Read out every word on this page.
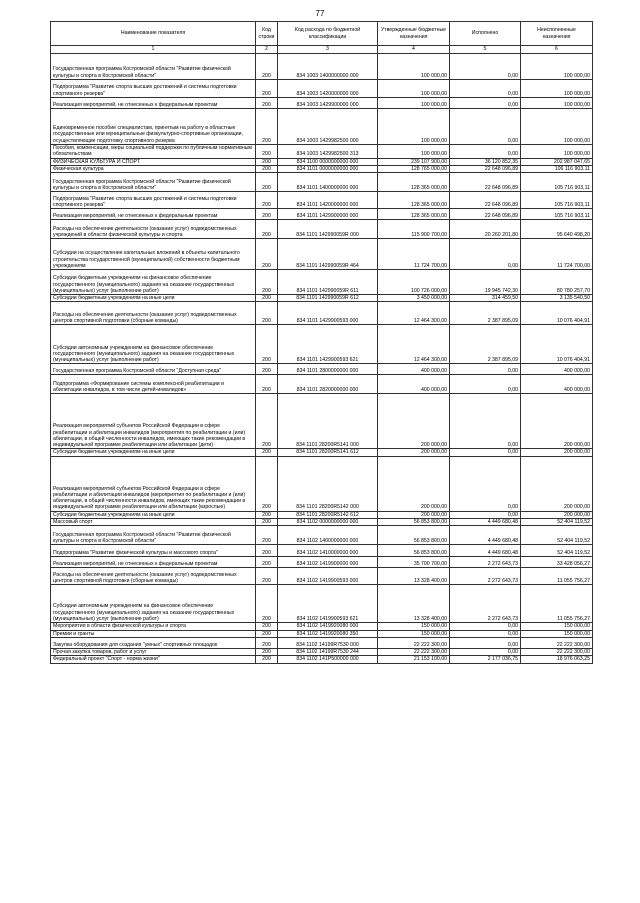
77
Наименование показателя	Код строки	Код расхода по бюджетной классификации	Утвержденные бюджетные назначения	Исполнено	Неисполненные назначения
1	2	3	4	5	6
Государственная программа Костромской области "Развитие физической культуры и спорта в Костромской области"	200	834 1003 1400000000 000	100 000,00	0,00	100 000,00
Подпрограмма "Развитие спорта высших достижений и системы подготовки спортивного резерва"	200	834 1003 1420000000 000	100 000,00	0,00	100 000,00
Реализация мероприятий, не отнесенных к федеральным проектам	200	834 1003 1429900000 000	100 000,00	0,00	100 000,00
Единовременное пособие специалистам, принятым на работу в областные государственные или муниципальные физкультурно-спортивные организации, осуществляющие подготовку спортивного резерва	200	834 1003 1429982500 000	100 000,00	0,00	100 000,00
Пособия, компенсации, меры социальной поддержки по публичным нормативным обязательствам	200	834 1003 1429982500 313	100 000,00	0,00	100 000,00
ФИЗИЧЕСКАЯ КУЛЬТУРА И СПОРТ	200	834 1100 0000000000 000	239 107 900,00	36 120 852,35	202 987 047,65
Физическая культура	200	834 1101 0000000000 000	128 765 000,00	22 648 096,89	106 116 903,11
Государственная программа Костромской области "Развитие физической культуры и спорта в Костромской области"	200	834 1101 1400000000 000	128 365 000,00	22 648 096,89	105 716 903,11
Подпрограмма "Развитие спорта высших достижений и системы подготовки спортивного резерва"	200	834 1101 1420000000 000	128 365 000,00	22 648 096,89	105 716 903,11
Реализация мероприятий, не отнесенных к федеральным проектам	200	834 1101 1429900000 000	128 365 000,00	22 648 096,89	105 716 903,11
Расходы на обеспечение деятельности (оказание услуг) подведомственных учреждений в области физической культуры и спорта	200	834 1101 142990059R 000	115 900 700,00	20 260 201,80	95 640 498,20
Субсидии на осуществление капитальных вложений в объекты капитального строительства государственной (муниципальной) собственности бюджетным учреждениям	200	834 1101 142990059R 464	11 724 700,00	0,00	11 724 700,00
Субсидии бюджетным учреждениям на финансовое обеспечение государственного (муниципального) задания на оказание государственных (муниципальных) услуг (выполнение работ)	200	834 1101 142990059R 611	100 726 000,00	19 945 742,30	80 780 257,70
Субсидии бюджетным учреждениям на иные цели	200	834 1101 142990059R 612	3 450 000,00	314 459,50	3 135 540,50
Расходы на обеспечение деятельности (оказание услуг) подведомственных центров спортивной подготовки (сборные команды)	200	834 1101 1429900593 000	12 464 300,00	2 387 895,09	10 076 404,91
Субсидии автономным учреждениям на финансовое обеспечение государственного (муниципального) задания на оказание государственных (муниципальных) услуг (выполнение работ)	200	834 1101 1429900593 621	12 464 300,00	2 387 895,09	10 076 404,91
Государственная программа Костромской области "Доступная среда"	200	834 1101 2800000000 000	400 000,00	0,00	400 000,00
Подпрограмма «Формирование системы комплексной реабилитации и абилитации инвалидов, в том числе детей-инвалидов»	200	834 1101 2820000000 000	400 000,00	0,00	400 000,00
Реализация мероприятий субъектов Российской Федерации в сфере реабилитации и абилитации инвалидов (мероприятия по реабилитации и (или) абилитации, в общей численности инвалидов, имеющих такие рекомендации в индивидуальной программе реабилитации или абилитации (дети)	200	834 1101 28200R5141 000	200 000,00	0,00	200 000,00
Субсидии бюджетным учреждениям на иные цели	200	834 1101 28200R5141 612	200 000,00	0,00	200 000,00
Реализация мероприятий субъектов Российской Федерации в сфере реабилитации и абилитации инвалидов (мероприятия по реабилитации и (или) абилитации, в общей численности инвалидов, имеющих такие рекомендации в индивидуальной программе реабилитации или абилитации (взрослые)	200	834 1101 28200R5142 000	200 000,00	0,00	200 000,00
Субсидии бюджетным учреждениям на иные цели	200	834 1101 28200R5142 612	200 000,00	0,00	200 000,00
Массовый спорт	200	834 1102 0000000000 000	56 853 800,00	4 449 680,48	52 404 119,52
Государственная программа Костромской области "Развитие физической культуры и спорта в Костромской области"	200	834 1102 1400000000 000	56 853 800,00	4 449 680,48	52 404 119,52
Подпрограмма "Развитие физической культуры и массового спорта"	200	834 1102 1410000000 000	56 853 800,00	4 449 680,48	52 404 119,52
Реализация мероприятий, не отнесенных к федеральным проектам	200	834 1102 1419900000 000	35 700 700,00	2 272 643,73	33 428 056,27
Расходы на обеспечение деятельности (оказание услуг) подведомственных центров спортивной подготовки (сборные команды)	200	834 1102 1419900593 000	13 328 400,00	2 272 643,73	11 055 756,27
Субсидии автономным учреждениям на финансовое обеспечение государственного (муниципального) задания на оказание государственных (муниципальных) услуг (выполнение работ)	200	834 1102 1419900593 621	13 328 400,00	2 272 643,73	11 055 756,27
Мероприятия в области физической культуры и спорта	200	834 1102 1419920080 000	150 000,00	0,00	150 000,00
Премии и гранты	200	834 1102 1419920080 350	150 000,00	0,00	150 000,00
Закупка оборудования для создания "умных" спортивных площадок	200	834 1102 14199R7530 000	22 222 300,00	0,00	22 222 300,00
Прочая закупка товаров, работ и услуг	200	834 1102 14199R7530 244	22 222 300,00	0,00	22 222 300,00
Федеральный проект "Спорт - норма жизни"	200	834 1102 141P500000 000	21 153 100,00	2 177 036,75	18 976 063,25
